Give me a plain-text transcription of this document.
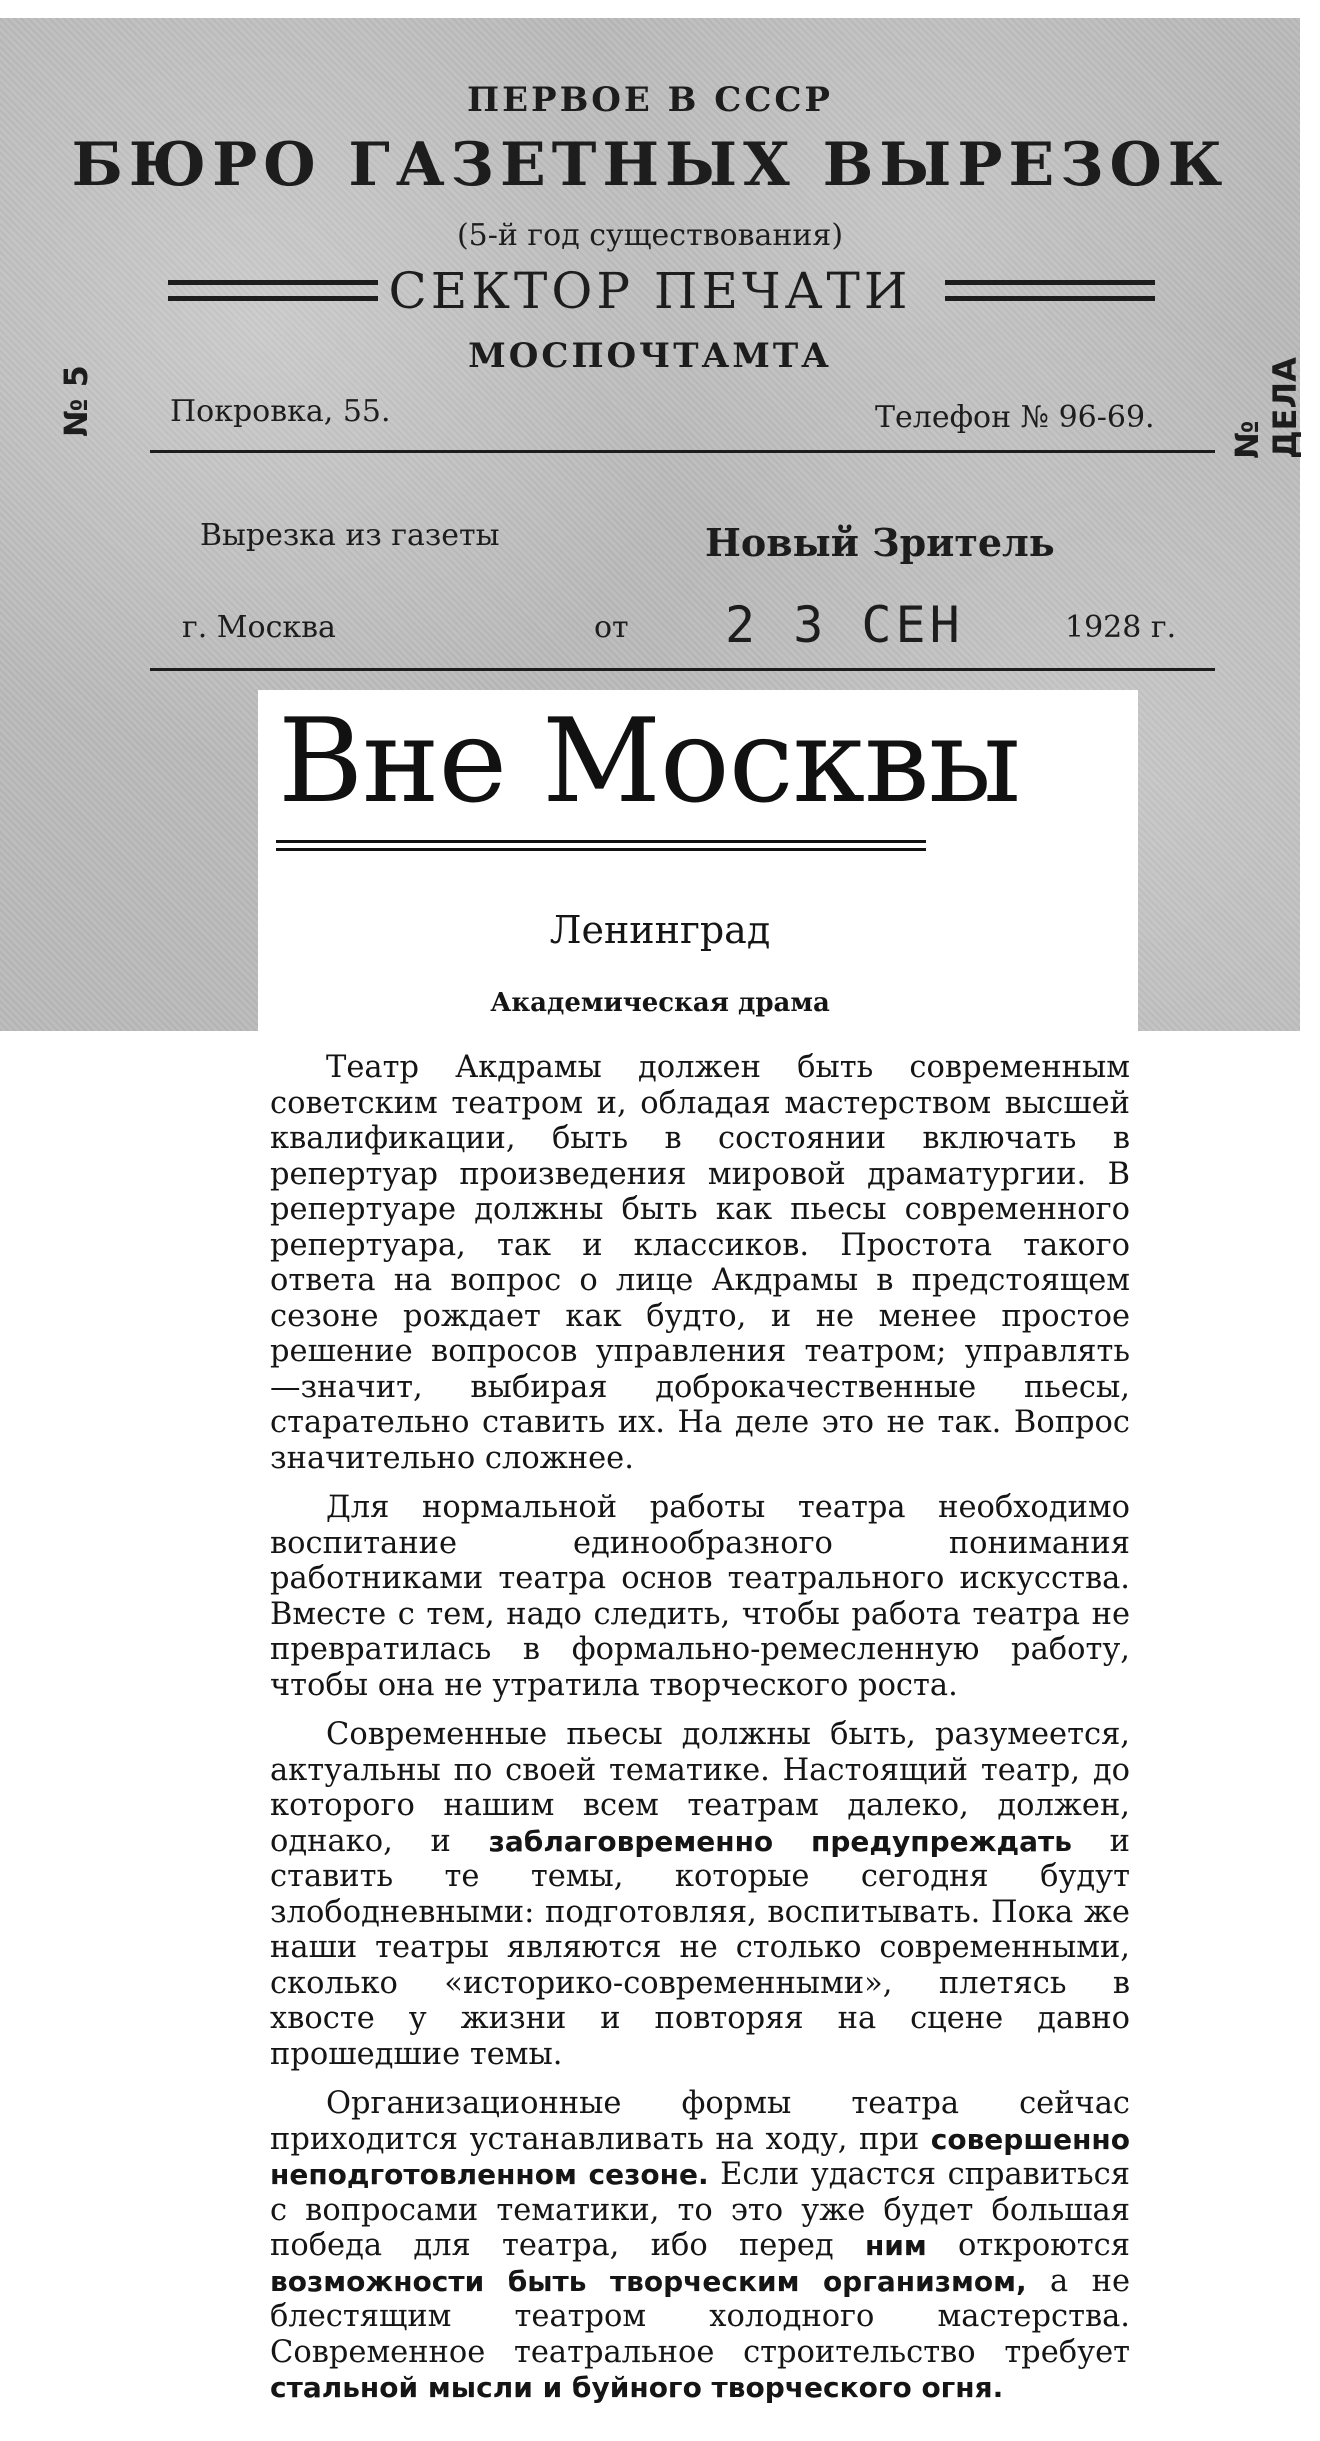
ПЕРВОЕ В СССР
БЮРО ГАЗЕТНЫХ ВЫРЕЗОК
(5-й год существования)
СЕКТОР ПЕЧАТИ
МОСПОЧТАМТА
Покровка, 55.	Телефон № 96-69.
№ 5
№ ДЕЛА
Вырезка из газеты	Новый Зритель
г. Москва	от 2 3 СЕН	1928 г.
Вне Москвы
Ленинград
Академическая драма

Театр Акдрамы должен быть современным советским театром и, обладая мастерством высшей квалификации, быть в состоянии включать в репертуар произведения мировой драматургии. В репертуаре должны быть как пьесы современного репертуара, так и классиков. Простота такого ответа на вопрос о лице Акдрамы в предстоящем сезоне рождает как будто, и не менее простое решение вопросов управления театром; управлять —значит, выбирая доброкачественные пьесы, старательно ставить их. На деле это не так. Вопрос значительно сложнее.

Для нормальной работы театра необходимо воспитание единообразного понимания работниками театра основ театрального искусства. Вместе с тем, надо следить, чтобы работа театра не превратилась в формально-ремесленную работу, чтобы она не утратила творческого роста.

Современные пьесы должны быть, разумеется, актуальны по своей тематике. Настоящий театр, до которого нашим всем театрам далеко, должен, однако, и заблаговременно предупреждать и ставить те темы, которые сегодня будут злободневными: подготовляя, воспитывать. Пока же наши театры являются не столько современными, сколько «историко-современными», плетясь в хвосте у жизни и повторяя на сцене давно прошедшие темы.

Организационные формы театра сейчас приходится устанавливать на ходу, при совершенно неподготовленном сезоне. Если удастся справиться с вопросами тематики, то это уже будет большая победа для театра, ибо перед ним откроются возможности быть творческим организмом, а не блестящим театром холодного мастерства. Современное театральное строительство требует стальной мысли и буйного творческого огня.
